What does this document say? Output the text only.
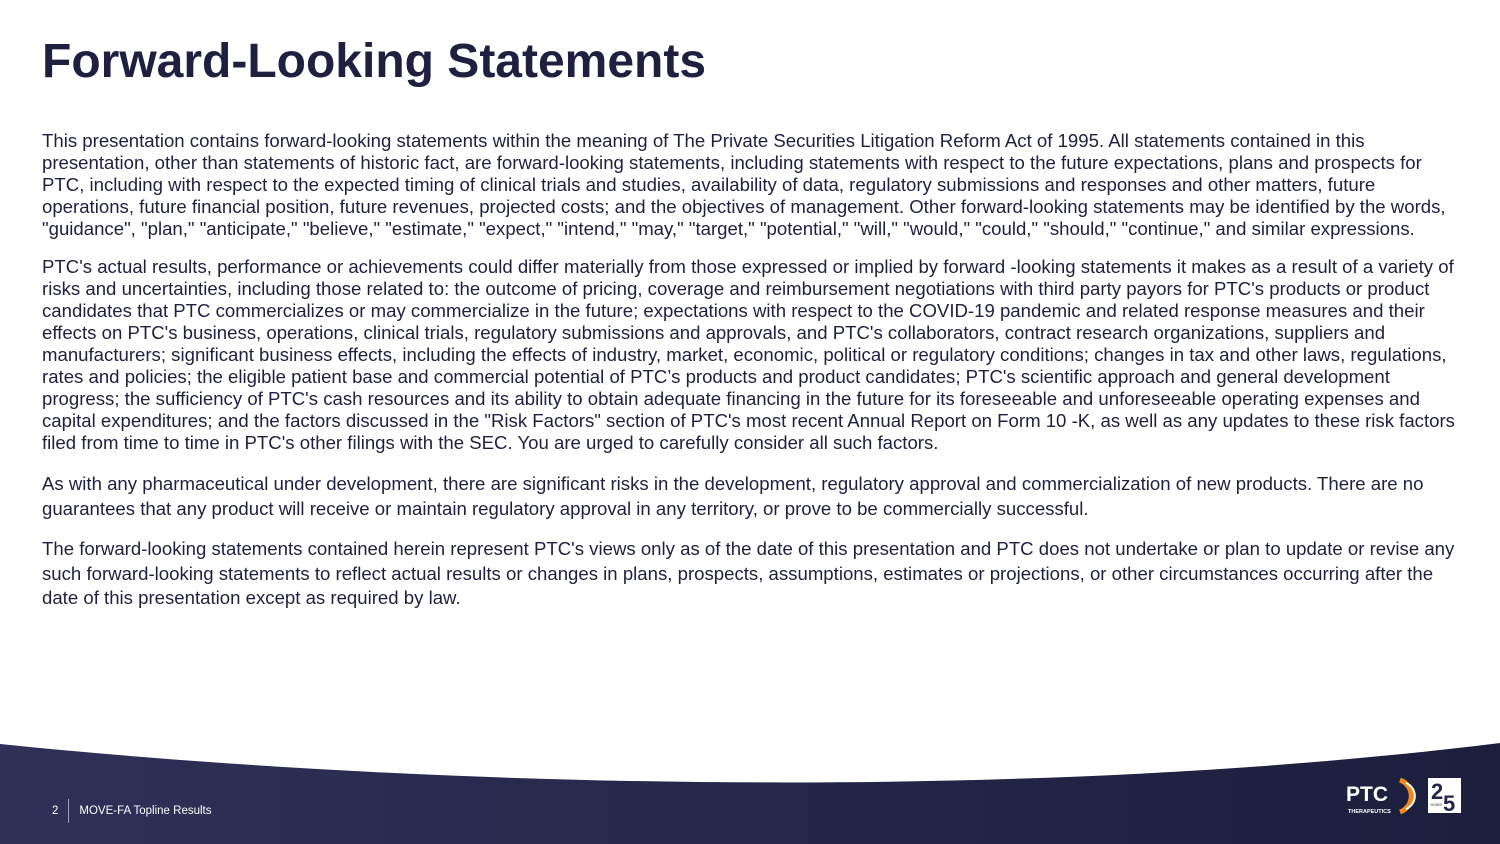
Forward-Looking Statements

This presentation contains forward-looking statements within the meaning of The Private Securities Litigation Reform Act of 1995. All statements contained in this presentation, other than statements of historic fact, are forward-looking statements, including statements with respect to the future expectations, plans and prospects for PTC, including with respect to the expected timing of clinical trials and studies, availability of data, regulatory submissions and responses and other matters, future operations, future financial position, future revenues, projected costs; and the objectives of management. Other forward-looking statements may be identified by the words, "guidance", "plan," "anticipate," "believe," "estimate," "expect," "intend," "may," "target," "potential," "will," "would," "could," "should," "continue," and similar expressions.

PTC's actual results, performance or achievements could differ materially from those expressed or implied by forward -looking statements it makes as a result of a variety of risks and uncertainties, including those related to: the outcome of pricing, coverage and reimbursement negotiations with third party payors for PTC's products or product candidates that PTC commercializes or may commercialize in the future; expectations with respect to the COVID-19 pandemic and related response measures and their effects on PTC's business, operations, clinical trials, regulatory submissions and approvals, and PTC's collaborators, contract research organizations, suppliers and manufacturers; significant business effects, including the effects of industry, market, economic, political or regulatory conditions; changes in tax and other laws, regulations, rates and policies; the eligible patient base and commercial potential of PTC’s products and product candidates; PTC's scientific approach and general development progress; the sufficiency of PTC's cash resources and its ability to obtain adequate financing in the future for its foreseeable and unforeseeable operating expenses and capital expenditures; and the factors discussed in the "Risk Factors" section of PTC's most recent Annual Report on Form 10 -K, as well as any updates to these risk factors filed from time to time in PTC's other filings with the SEC. You are urged to carefully consider all such factors.

As with any pharmaceutical under development, there are significant risks in the development, regulatory approval and commercialization of new products. There are no guarantees that any product will receive or maintain regulatory approval in any territory, or prove to be commercially successful.

The forward-looking statements contained herein represent PTC's views only as of the date of this presentation and PTC does not undertake or plan to update or revise any such forward-looking statements to reflect actual results or changes in plans, prospects, assumptions, estimates or projections, or other circumstances occurring after the date of this presentation except as required by law.

2	MOVE-FA Topline Results
PTC
THERAPEUTICS
2 5
YEARS
